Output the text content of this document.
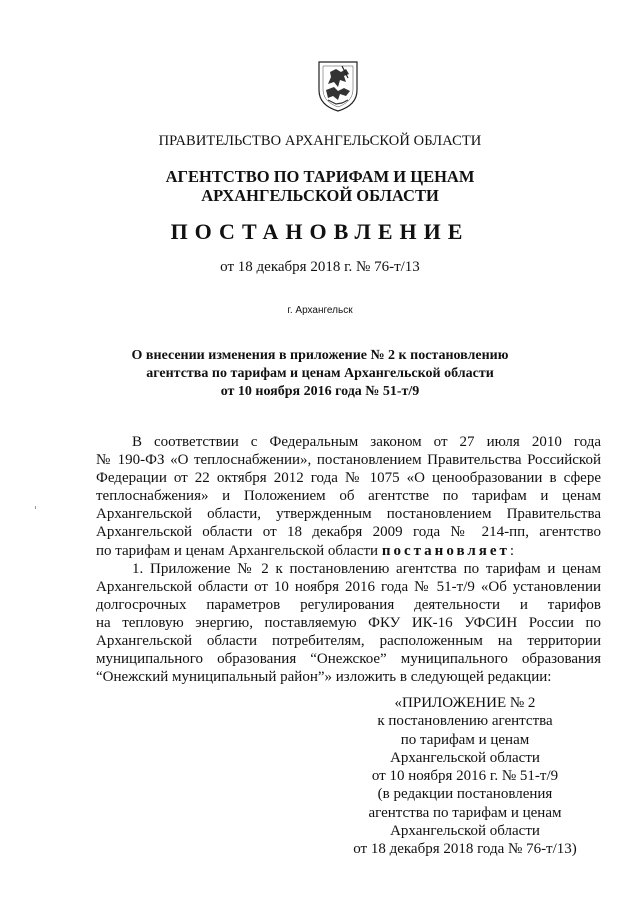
ПРАВИТЕЛЬСТВО АРХАНГЕЛЬСКОЙ ОБЛАСТИ
АГЕНТСТВО ПО ТАРИФАМ И ЦЕНАМ
АРХАНГЕЛЬСКОЙ ОБЛАСТИ
ПОСТАНОВЛЕНИЕ
от 18 декабря 2018 г. № 76-т/13
г. Архангельск
О внесении изменения в приложение № 2 к постановлению
агентства по тарифам и ценам Архангельской области
от 10 ноября 2016 года № 51-т/9

В соответствии с Федеральным законом от 27 июля 2010 года

№ 190-ФЗ «О теплоснабжении», постановлением Правительства Российской

Федерации от 22 октября 2012 года № 1075 «О ценообразовании в сфере

теплоснабжения» и Положением об агентстве по тарифам и ценам

Архангельской области, утвержденным постановлением Правительства

Архангельской области от 18 декабря 2009 года № 214-пп, агентство

по тарифам и ценам Архангельской области постановляет:

1. Приложение № 2 к постановлению агентства по тарифам и ценам

Архангельской области от 10 ноября 2016 года № 51-т/9 «Об установлении

долгосрочных параметров регулирования деятельности и тарифов

на тепловую энергию, поставляемую ФКУ ИК-16 УФСИН России по

Архангельской области потребителям, расположенным на территории

муниципального образования “Онежское” муниципального образования

“Онежский муниципальный район”» изложить в следующей редакции:

«ПРИЛОЖЕНИЕ № 2
к постановлению агентства
по тарифам и ценам
Архангельской области
от 10 ноября 2016 г. № 51-т/9
(в редакции постановления
агентства по тарифам и ценам
Архангельской области
от 18 декабря 2018 года № 76-т/13)
